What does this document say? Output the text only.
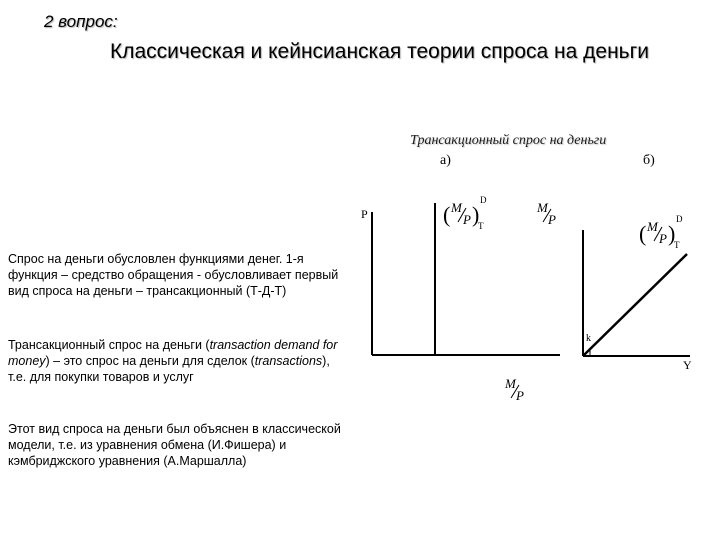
2 вопрос:
Классическая и кейнсианская теории спроса на деньги
Трансакционный спрос на деньги
а)	б)
P	( M
P )
D
T
M
P
k
Y
M
P
( M
P )
D
T
Спрос на деньги обусловлен функциями денег. 1-я функция – средство обращения - обусловливает первый вид спроса на деньги – трансакционный (Т-Д-Т)
Трансакционный спрос на деньги (transaction demand for money) – это спрос на деньги для сделок (transactions), т.е. для покупки товаров и услуг
Этот вид спроса на деньги был объяснен в классической модели, т.е. из уравнения обмена (И.Фишера) и кэмбриджского уравнения (А.Маршалла)
